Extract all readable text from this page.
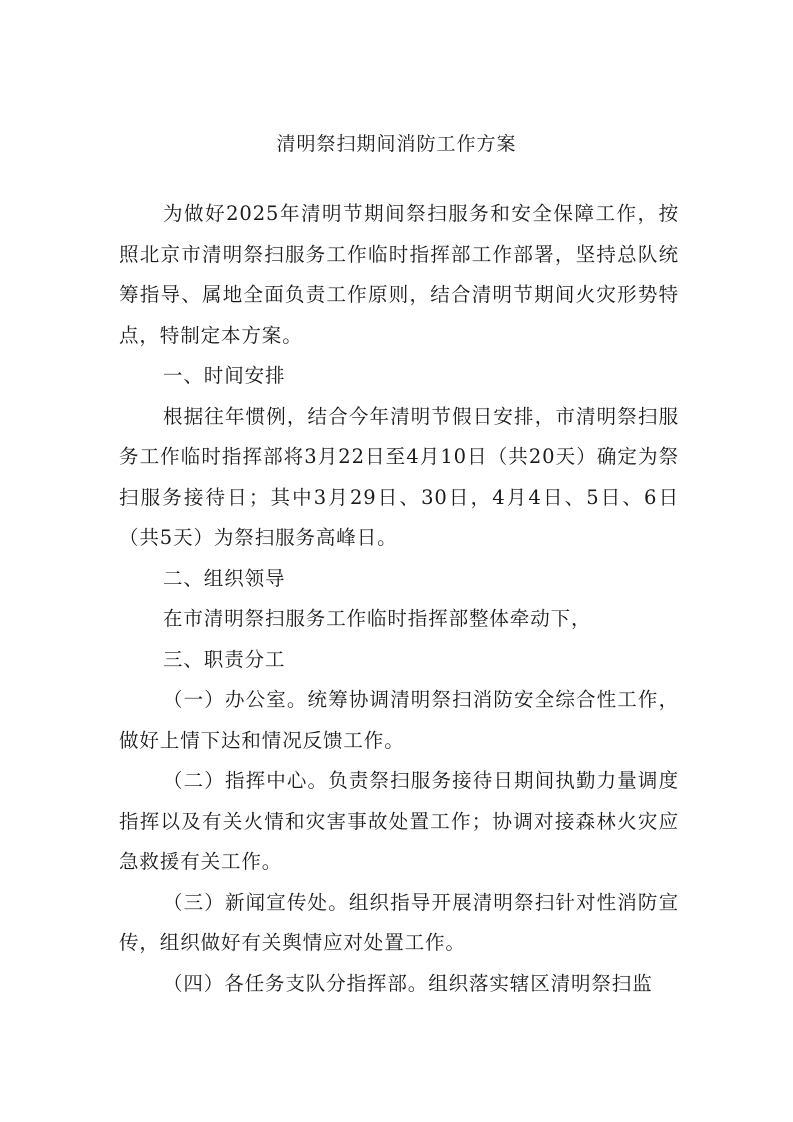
清明祭扫期间消防工作方案

为做好2025年清明节期间祭扫服务和安全保障工作，按照北京市清明祭扫服务工作临时指挥部工作部署，坚持总队统筹指导、属地全面负责工作原则，结合清明节期间火灾形势特点，特制定本方案。

一、时间安排

根据往年惯例，结合今年清明节假日安排，市清明祭扫服务工作临时指挥部将3月22日至4月10日（共20天）确定为祭扫服务接待日；其中3月29日、30日，4月4日、5日、6日（共5天）为祭扫服务高峰日。

二、组织领导

在市清明祭扫服务工作临时指挥部整体牵动下，

三、职责分工

（一）办公室。统筹协调清明祭扫消防安全综合性工作，做好上情下达和情况反馈工作。

（二）指挥中心。负责祭扫服务接待日期间执勤力量调度指挥以及有关火情和灾害事故处置工作；协调对接森林火灾应急救援有关工作。

（三）新闻宣传处。组织指导开展清明祭扫针对性消防宣传，组织做好有关舆情应对处置工作。

（四）各任务支队分指挥部。组织落实辖区清明祭扫监
